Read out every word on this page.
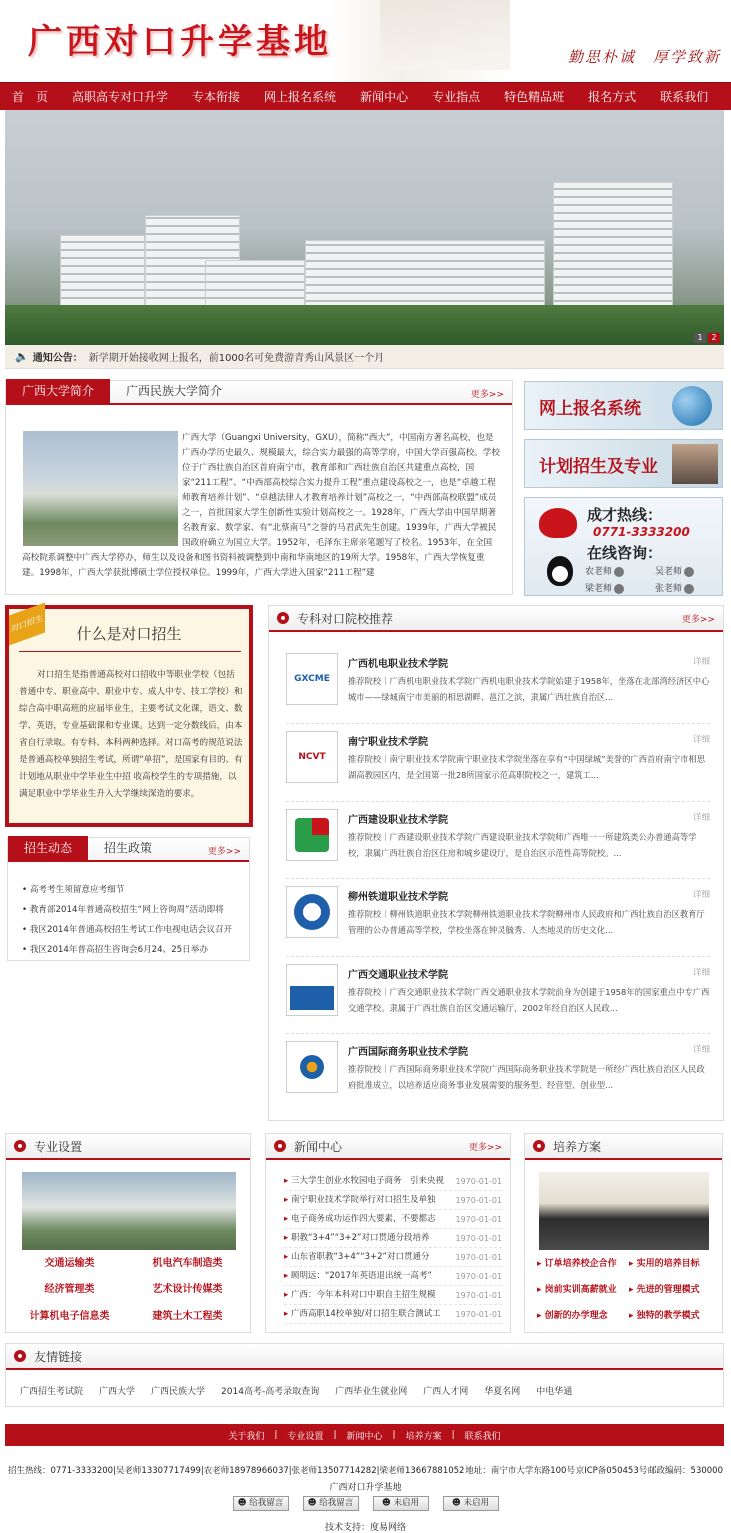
广西对口升学基地	勤思朴诚　厚学致新
首　页	高职高专对口升学	专本衔接	网上报名系统	新闻中心	专业指点	特色精品班	报名方式	联系我们
1	2
🔈 通知公告： 新学期开始接收网上报名，前1000名可免费游青秀山风景区一个月
广西大学简介	广西民族大学简介	更多>>
广西大学（Guangxi University，GXU），简称“西大”，中国南方著名高校，也是广西办学历史最久、规模最大，综合实力最强的高等学府，中国大学百强高校。学校位于广西壮族自治区首府南宁市，教育部和广西壮族自治区共建重点高校，国家“211工程”、“中西部高校综合实力提升工程”重点建设高校之一，也是“卓越工程师教育培养计划”、“卓越法律人才教育培养计划”高校之一，“中西部高校联盟”成员之一，首批国家大学生创新性实验计划高校之一。1928年，广西大学由中国早期著名教育家、数学家、有“北蔡南马”之誉的马君武先生创建。1939年，广西大学被民国政府确立为国立大学。1952年，毛泽东主席亲笔题写了校名。1953年，在全国高校院系调整中广西大学停办，师生以及设备和图书资料被调整到中南和华南地区的19所大学。1958年，广西大学恢复重建。1998年，广西大学获批博硕士学位授权单位。1999年，广西大学进入国家“211工程”建
网上报名系统
计划招生及专业
成才热线：
0771-3333200
在线咨询：
农老师	吴老师
梁老师	张老师
对口招生
什么是对口招生
对口招生是指普通高校对口招收中等职业学校（包括普通中专、职业高中、职业中专、成人中专、技工学校）和综合高中职高班的应届毕业生，主要考试文化课，语文、数学、英语，专业基础课和专业课。达到一定分数线后，由本省自行录取。有专科、本科两种选择。对口高考的规范说法是普通高校单独招生考试，所谓“单招”，是国家有目的、有计划地从职业中学毕业生中招 收高校学生的专项措施，以满足职业中学毕业生升入大学继续深造的要求。
招生动态	招生政策	更多>>
• 高考考生须留意应考细节
• 教育部2014年普通高校招生“网上咨询周”活动即将
• 我区2014年普通高校招生考试工作电视电话会议召开
• 我区2014年普高招生咨询会6月24、25日举办
专科对口院校推荐	更多>>
GXCME
广西机电职业技术学院	详细
推荐院校｜广西机电职业技术学院广西机电职业技术学院始建于1958年，坐落在北部湾经济区中心城市——绿城南宁市美丽的相思湖畔、邕江之滨，隶属广西壮族自治区...
NCVT
南宁职业技术学院	详细
推荐院校｜南宁职业技术学院南宁职业技术学院坐落在享有“中国绿城”美誉的广西首府南宁市相思湖高教园区内，是全国第一批28所国家示范高职院校之一，建筑工...
广西建设职业技术学院	详细
推荐院校｜广西建设职业技术学院广西建设职业技术学院师广西唯一一所建筑类公办普通高等学校，隶属广西壮族自治区住房和城乡建设厅，是自治区示范性高等院校。...
柳州铁道职业技术学院	详细
推荐院校｜柳州铁道职业技术学院柳州铁道职业技术学院柳州市人民政府和广西壮族自治区教育厅管理的公办普通高等学校，学校坐落在钟灵毓秀、人杰地灵的历史文化...
广西交通职业技术学院	详细
推荐院校｜广西交通职业技术学院广西交通职业技术学院前身为创建于1958年的国家重点中专广西交通学校。隶属于广西壮族自治区交通运输厅，2002年经自治区人民政...
广西国际商务职业技术学院	详细
推荐院校｜广西国际商务职业技术学院广西国际商务职业技术学院是一所经广西壮族自治区人民政府批准成立，以培养适应商务事业发展需要的服务型、经营型、创业型...
专业设置
交通运输类	机电汽车制造类
经济管理类	艺术设计传媒类
计算机电子信息类	建筑土木工程类
新闻中心	更多>>
▸ 三大学生创业水牧园电子商务　引来央视 1970-01-01
▸ 南宁职业技术学院举行对口招生及单独	1970-01-01
▸ 电子商务成功运作四大要素，不要都志	1970-01-01
▸ 职教“3+4”“3+2”对口贯通分段培养	1970-01-01
▸ 山东省职教“3+4”“3+2”对口贯通分	1970-01-01
▸ 顾明远：“2017年英语退出统一高考”	1970-01-01
▸ 广西：今年本科对口中职自主招生规模	1970-01-01
▸ 广西高职14校单独/对口招生联合测试工 1970-01-01
培养方案
▸ 订单培养校企合作 ▸ 实用的培养目标
▸ 岗前实训高薪就业 ▸ 先进的管理模式
▸ 创新的办学理念 ▸ 独特的教学模式
友情链接
广西招生考试院 广西大学 广西民族大学 2014高考-高考录取查询 广西毕业生就业网 广西人才网 华夏名网 中电华通
关于我们	|	专业设置	|	新闻中心	|	培养方案	|	联系我们
招生热线：0771-3333200|吴老师13307717499|农老师18978966037|张老师13507714282|梁老师13667881052 地址：南宁市大学东路100号 京ICP备050453号 邮政编码：530000
广西对口升学基地
☻ 给我留言	☻ 给我留言	☻ 未启用	☻ 未启用
技术支持：度易网络
